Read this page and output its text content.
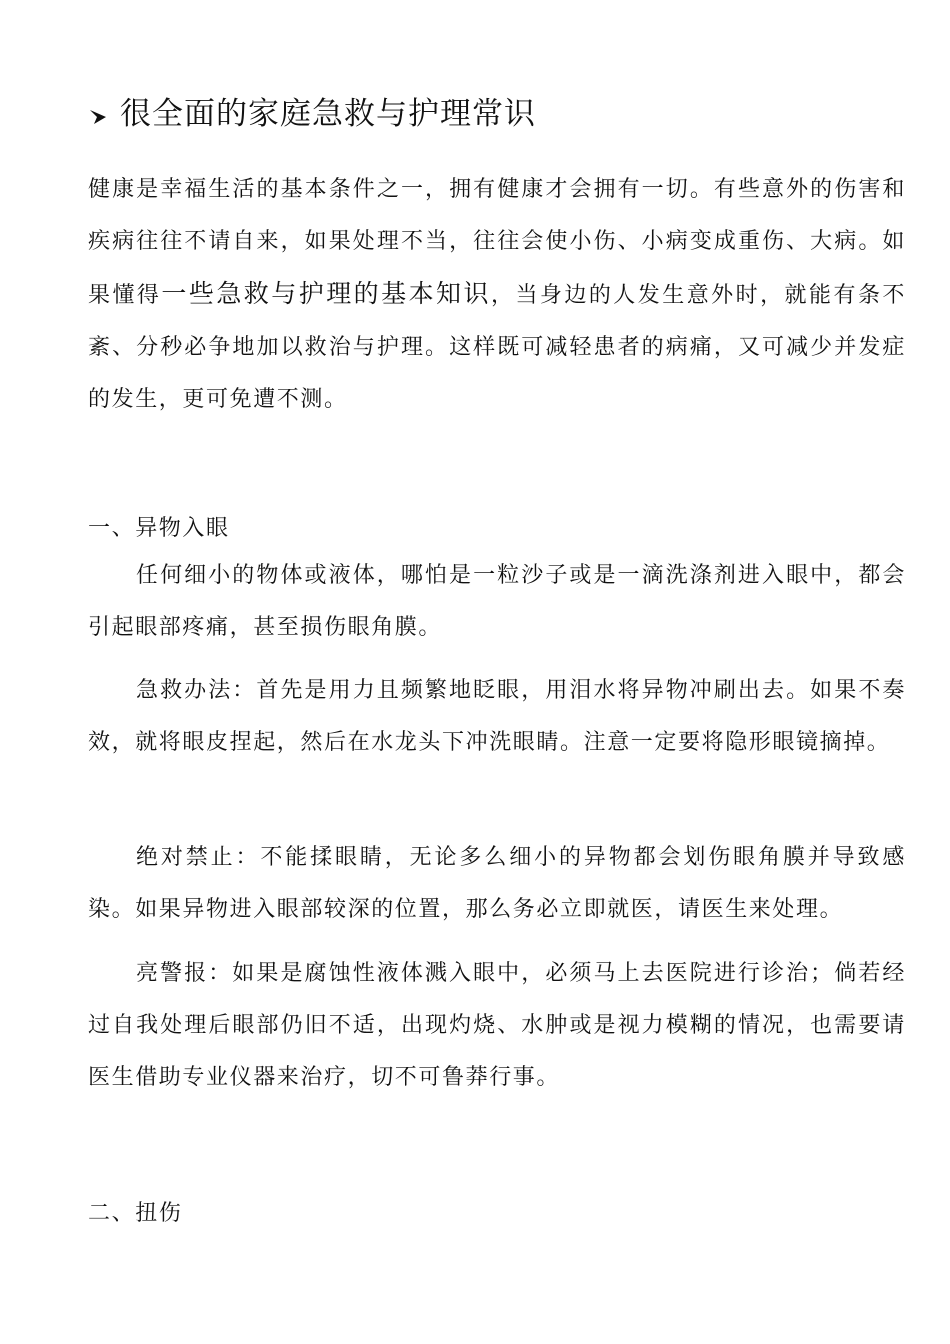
很全面的家庭急救与护理常识
健康是幸福生活的基本条件之一，拥有健康才会拥有一切。有些意外的伤害和疾病往往不请自来，如果处理不当，往往会使小伤、小病变成重伤、大病。如果懂得一些急救与护理的基本知识，当身边的人发生意外时，就能有条不紊、分秒必争地加以救治与护理。这样既可减轻患者的病痛，又可减少并发症的发生，更可免遭不测。
一、异物入眼
任何细小的物体或液体，哪怕是一粒沙子或是一滴洗涤剂进入眼中，都会引起眼部疼痛，甚至损伤眼角膜。
急救办法：首先是用力且频繁地眨眼，用泪水将异物冲刷出去。如果不奏效，就将眼皮捏起，然后在水龙头下冲洗眼睛。注意一定要将隐形眼镜摘掉。
绝对禁止：不能揉眼睛，无论多么细小的异物都会划伤眼角膜并导致感染。如果异物进入眼部较深的位置，那么务必立即就医，请医生来处理。
亮警报：如果是腐蚀性液体溅入眼中，必须马上去医院进行诊治；倘若经过自我处理后眼部仍旧不适，出现灼烧、水肿或是视力模糊的情况，也需要请医生借助专业仪器来治疗，切不可鲁莽行事。
二、扭伤
